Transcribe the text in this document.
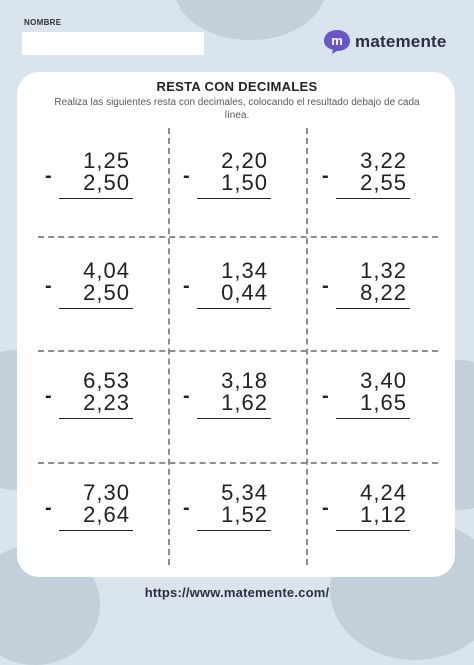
NOMBRE
m matemente
RESTA CON DECIMALES
Realiza las siguientes resta con decimales, colocando el resultado debajo de cada línea.
-
1,25
2,50	-
2,20
1,50	-
3,22
2,55
-
4,04
2,50	-
1,34
0,44	-
1,32
8,22
-
6,53
2,23	-
3,18
1,62	-
3,40
1,65
-
7,30
2,64	-
5,34
1,52	-
4,24
1,12
https://www.matemente.com/
